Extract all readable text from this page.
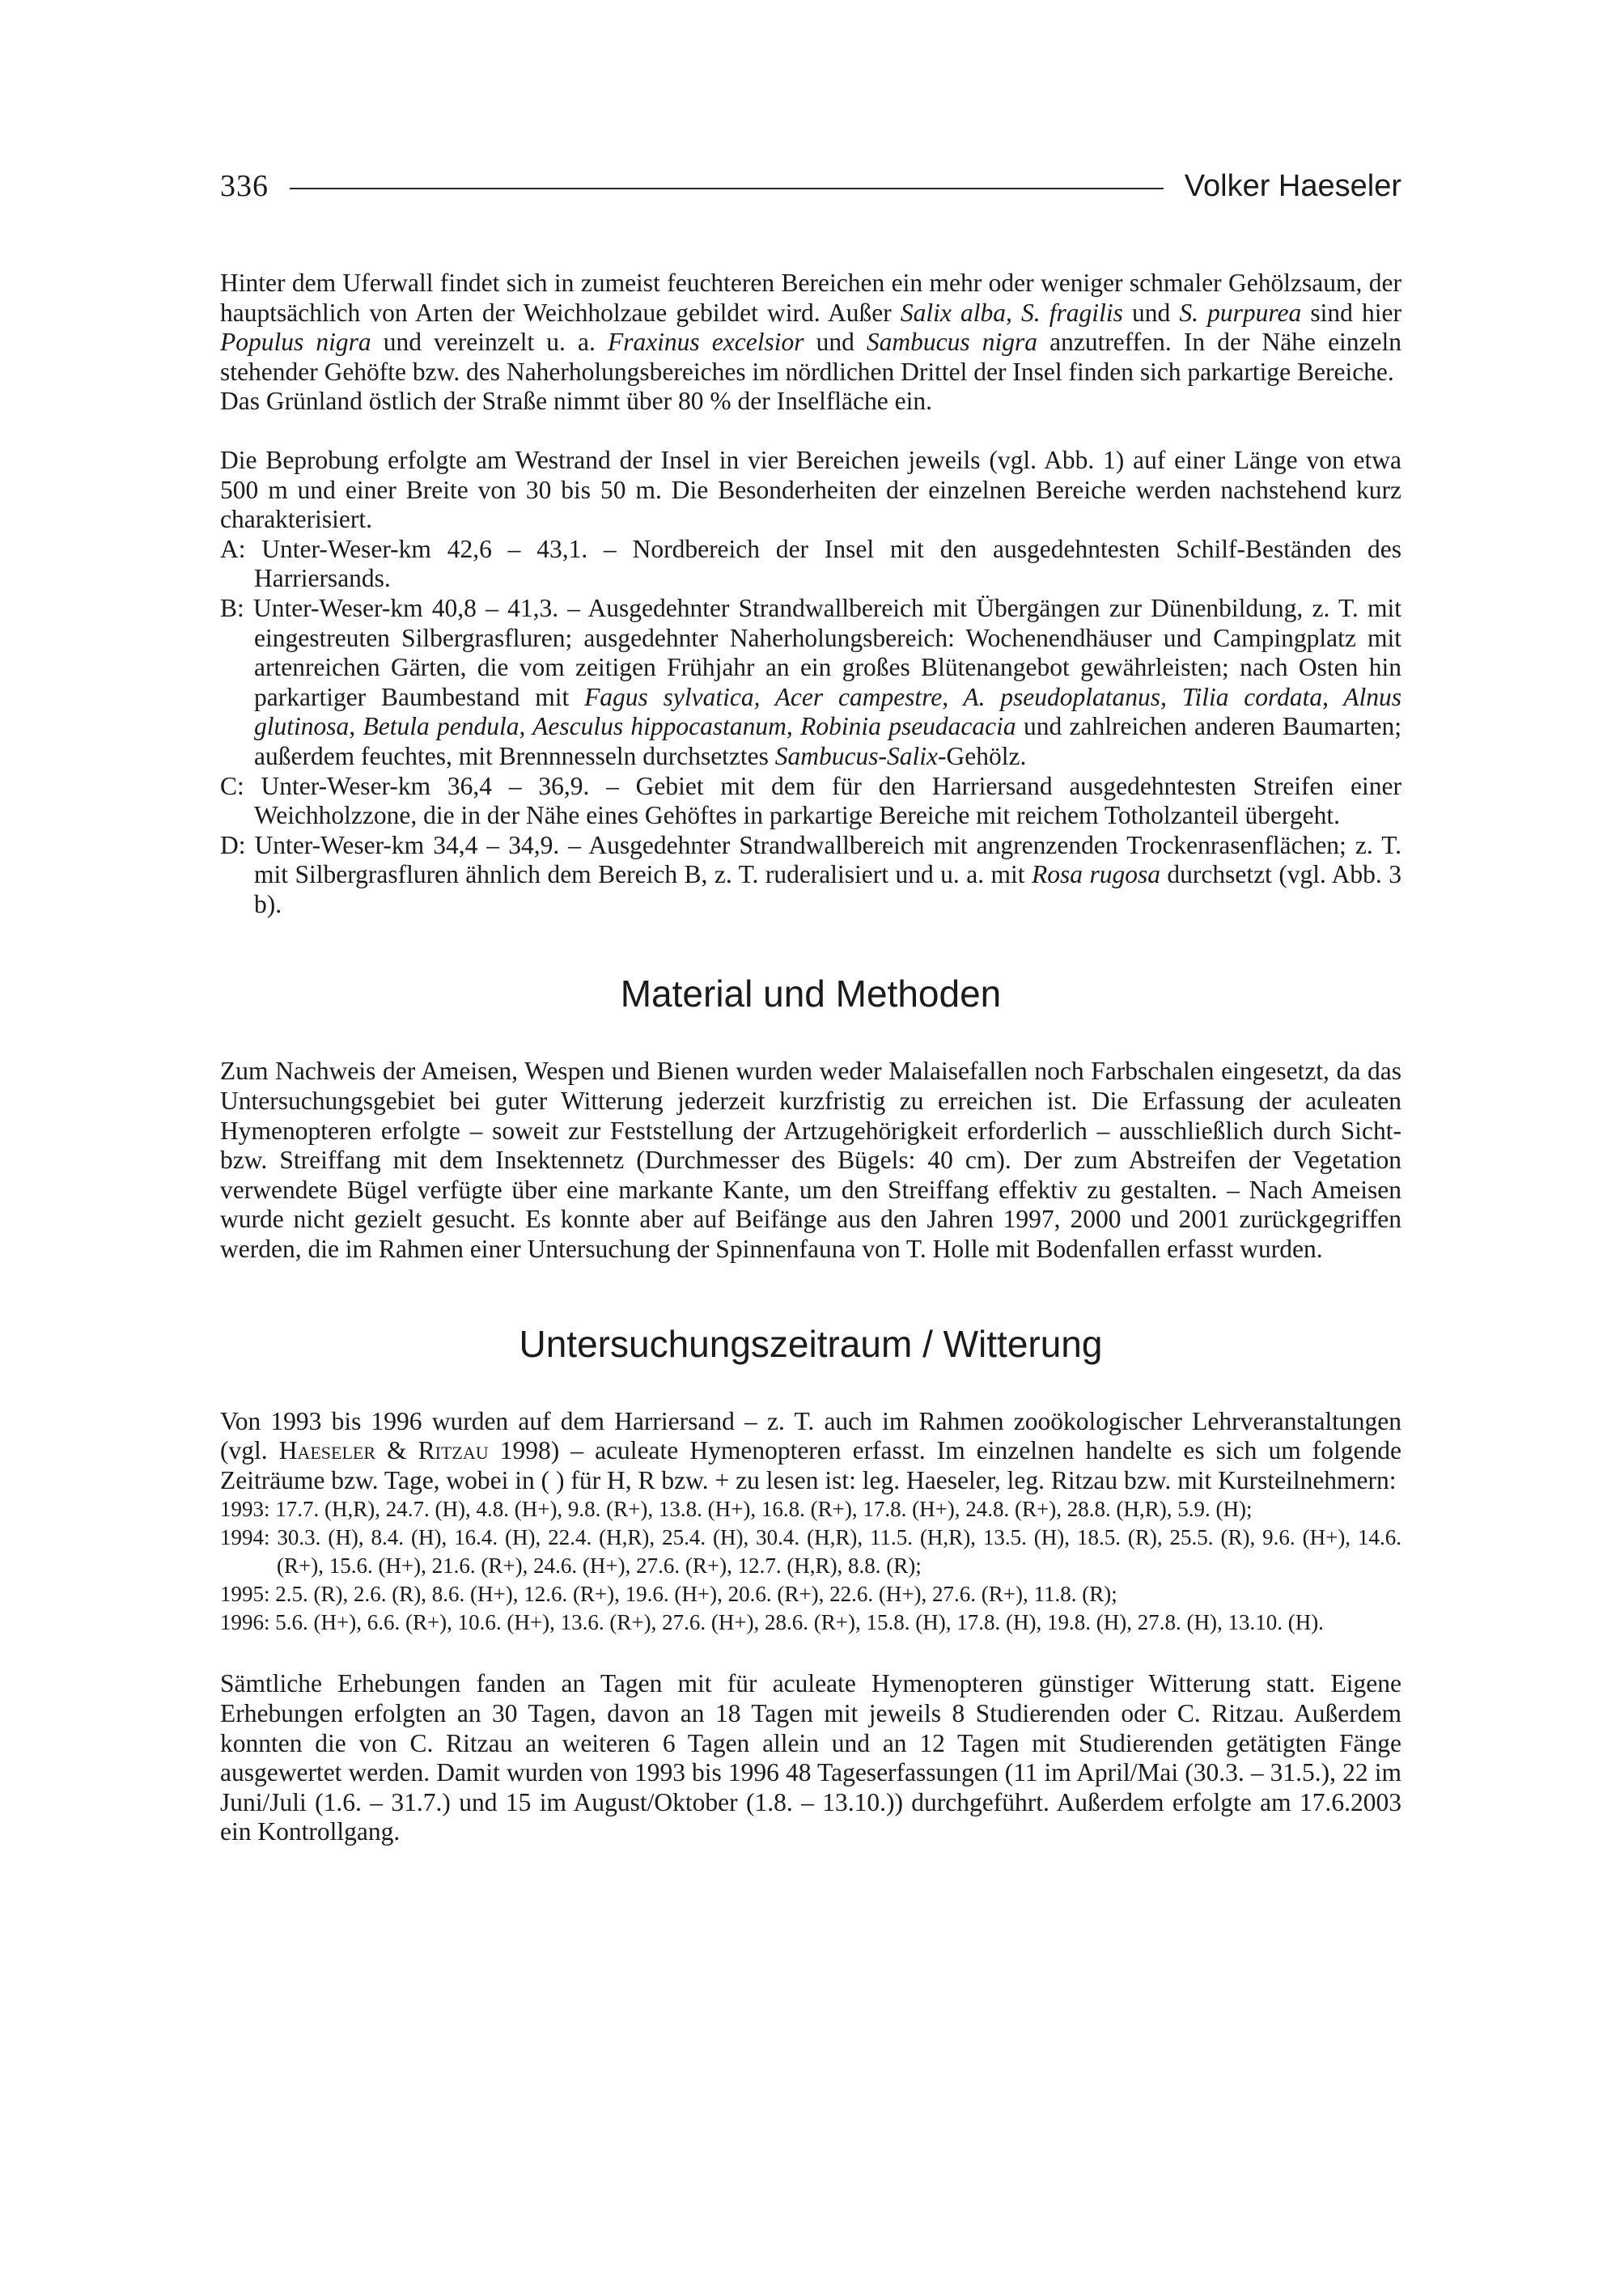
336	Volker Haeseler

Hinter dem Uferwall findet sich in zumeist feuchteren Bereichen ein mehr oder weniger schmaler Gehölzsaum, der hauptsächlich von Arten der Weichholzaue gebildet wird. Außer Salix alba, S. fragilis und S. purpurea sind hier Populus nigra und vereinzelt u. a. Fraxinus excelsior und Sambucus nigra anzutreffen. In der Nähe einzeln stehender Gehöfte bzw. des Naherholungsbereiches im nördlichen Drittel der Insel finden sich parkartige Bereiche.

Das Grünland östlich der Straße nimmt über 80 % der Inselfläche ein.

Die Beprobung erfolgte am Westrand der Insel in vier Bereichen jeweils (vgl. Abb. 1) auf einer Länge von etwa 500 m und einer Breite von 30 bis 50 m. Die Besonderheiten der einzelnen Bereiche werden nachstehend kurz charakterisiert.

A: Unter-Weser-km 42,6 – 43,1. – Nordbereich der Insel mit den ausgedehntesten Schilf-Beständen des Harriersands.
B: Unter-Weser-km 40,8 – 41,3. – Ausgedehnter Strandwallbereich mit Übergängen zur Dünenbildung, z. T. mit eingestreuten Silbergrasfluren; ausgedehnter Naherholungsbereich: Wochenendhäuser und Campingplatz mit artenreichen Gärten, die vom zeitigen Frühjahr an ein großes Blütenangebot gewährleisten; nach Osten hin parkartiger Baumbestand mit Fagus sylvatica, Acer campestre, A. pseudoplatanus, Tilia cordata, Alnus glutinosa, Betula pendula, Aesculus hippocastanum, Robinia pseudacacia und zahlreichen anderen Baumarten; außerdem feuchtes, mit Brennnesseln durchsetztes Sambucus-Salix-Gehölz.
C: Unter-Weser-km 36,4 – 36,9. – Gebiet mit dem für den Harriersand ausgedehntesten Streifen einer Weichholzzone, die in der Nähe eines Gehöftes in parkartige Bereiche mit reichem Totholzanteil übergeht.
D: Unter-Weser-km 34,4 – 34,9. – Ausgedehnter Strandwallbereich mit angrenzenden Trockenrasenflächen; z. T. mit Silbergrasfluren ähnlich dem Bereich B, z. T. ruderalisiert und u. a. mit Rosa rugosa durchsetzt (vgl. Abb. 3 b).
Material und Methoden

Zum Nachweis der Ameisen, Wespen und Bienen wurden weder Malaisefallen noch Farbschalen eingesetzt, da das Untersuchungsgebiet bei guter Witterung jederzeit kurzfristig zu erreichen ist. Die Erfassung der aculeaten Hymenopteren erfolgte – soweit zur Feststellung der Artzugehörigkeit erforderlich – ausschließlich durch Sicht- bzw. Streiffang mit dem Insektennetz (Durchmesser des Bügels: 40 cm). Der zum Abstreifen der Vegetation verwendete Bügel verfügte über eine markante Kante, um den Streiffang effektiv zu gestalten. – Nach Ameisen wurde nicht gezielt gesucht. Es konnte aber auf Beifänge aus den Jahren 1997, 2000 und 2001 zurückgegriffen werden, die im Rahmen einer Untersuchung der Spinnenfauna von T. Holle mit Bodenfallen erfasst wurden.

Untersuchungszeitraum / Witterung

Von 1993 bis 1996 wurden auf dem Harriersand – z. T. auch im Rahmen zooökologischer Lehrveranstaltungen (vgl. Haeseler & Ritzau 1998) – aculeate Hymenopteren erfasst. Im einzelnen handelte es sich um folgende Zeiträume bzw. Tage, wobei in ( ) für H, R bzw. + zu lesen ist: leg. Haeseler, leg. Ritzau bzw. mit Kursteilnehmern:

1993: 17.7. (H,R), 24.7. (H), 4.8. (H+), 9.8. (R+), 13.8. (H+), 16.8. (R+), 17.8. (H+), 24.8. (R+), 28.8. (H,R), 5.9. (H);
1994: 30.3. (H), 8.4. (H), 16.4. (H), 22.4. (H,R), 25.4. (H), 30.4. (H,R), 11.5. (H,R), 13.5. (H), 18.5. (R), 25.5. (R), 9.6. (H+), 14.6. (R+), 15.6. (H+), 21.6. (R+), 24.6. (H+), 27.6. (R+), 12.7. (H,R), 8.8. (R);
1995: 2.5. (R), 2.6. (R), 8.6. (H+), 12.6. (R+), 19.6. (H+), 20.6. (R+), 22.6. (H+), 27.6. (R+), 11.8. (R);
1996: 5.6. (H+), 6.6. (R+), 10.6. (H+), 13.6. (R+), 27.6. (H+), 28.6. (R+), 15.8. (H), 17.8. (H), 19.8. (H), 27.8. (H), 13.10. (H).

Sämtliche Erhebungen fanden an Tagen mit für aculeate Hymenopteren günstiger Witterung statt. Eigene Erhebungen erfolgten an 30 Tagen, davon an 18 Tagen mit jeweils 8 Studierenden oder C. Ritzau. Außerdem konnten die von C. Ritzau an weiteren 6 Tagen allein und an 12 Tagen mit Studierenden getätigten Fänge ausgewertet werden. Damit wurden von 1993 bis 1996 48 Tageserfassungen (11 im April/Mai (30.3. – 31.5.), 22 im Juni/Juli (1.6. – 31.7.) und 15 im August/Oktober (1.8. – 13.10.)) durchgeführt. Außerdem erfolgte am 17.6.2003 ein Kontrollgang.
